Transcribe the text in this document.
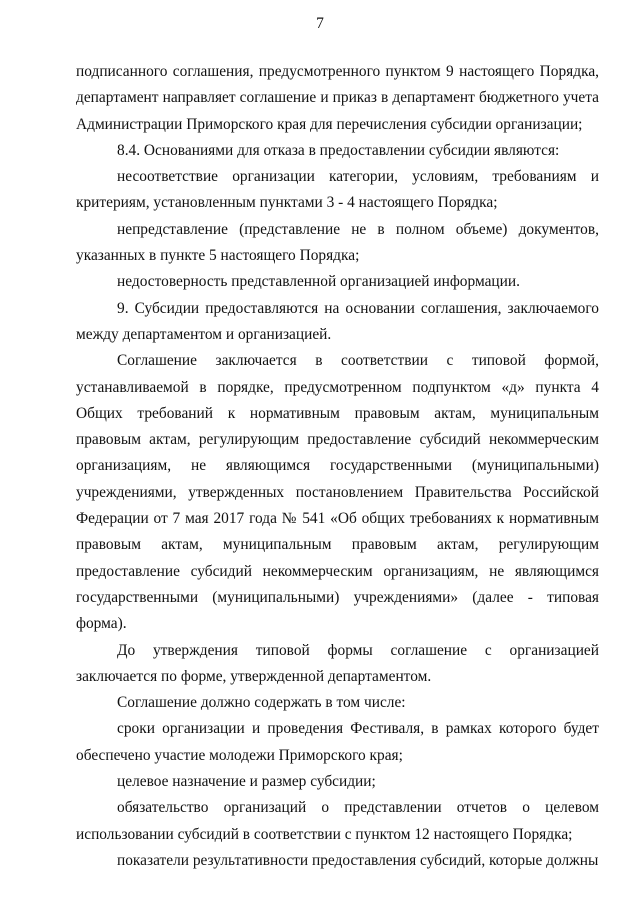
7

подписанного соглашения, предусмотренного пунктом 9 настоящего Порядка, департамент направляет соглашение и приказ в департамент бюджетного учета Администрации Приморского края для перечисления субсидии организации;

8.4. Основаниями для отказа в предоставлении субсидии являются:

несоответствие организации категории, условиям, требованиям и критериям, установленным пунктами 3 - 4 настоящего Порядка;

непредставление (представление не в полном объеме) документов, указанных в пункте 5 настоящего Порядка;

недостоверность представленной организацией информации.

9. Субсидии предоставляются на основании соглашения, заключаемого между департаментом и организацией.

Соглашение заключается в соответствии с типовой формой, устанавливаемой в порядке, предусмотренном подпунктом «д» пункта 4 Общих требований к нормативным правовым актам, муниципальным правовым актам, регулирующим предоставление субсидий некоммерческим организациям, не являющимся государственными (муниципальными) учреждениями, утвержденных постановлением Правительства Российской Федерации от 7 мая 2017 года № 541 «Об общих требованиях к нормативным правовым актам, муниципальным правовым актам, регулирующим предоставление субсидий некоммерческим организациям, не являющимся государственными (муниципальными) учреждениями» (далее - типовая форма).

До утверждения типовой формы соглашение с организацией заключается по форме, утвержденной департаментом.

Соглашение должно содержать в том числе:

сроки организации и проведения Фестиваля, в рамках которого будет обеспечено участие молодежи Приморского края;

целевое назначение и размер субсидии;

обязательство организаций о представлении отчетов о целевом использовании субсидий в соответствии с пунктом 12 настоящего Порядка;

показатели результативности предоставления субсидий, которые должны
